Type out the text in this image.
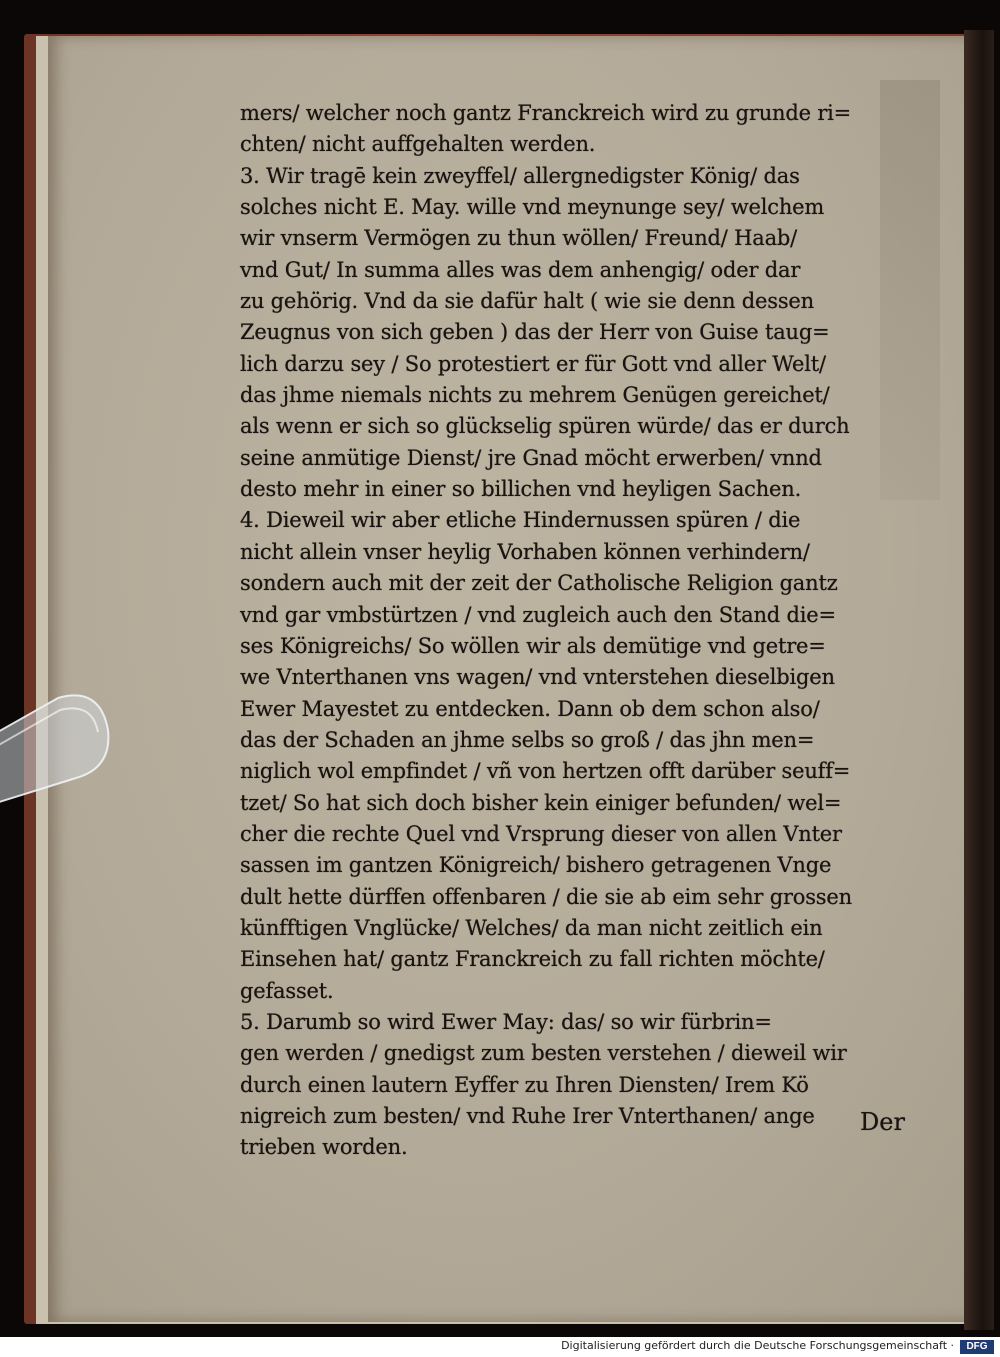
mers/ welcher noch gantz Franckreich wird zu grunde ri=
chten/ nicht auffgehalten werden.
3. Wir tragē kein zweyffel/ allergnedigster König/ das
solches nicht E. May. wille vnd meynunge sey/ welchem
wir vnserm Vermögen zu thun wöllen/ Freund/ Haab/
vnd Gut/ In summa alles was dem anhengig/ oder dar
zu gehörig. Vnd da sie dafür halt ( wie sie denn dessen
Zeugnus von sich geben ) das der Herr von Guise taug=
lich darzu sey / So protestiert er für Gott vnd aller Welt/
das jhme niemals nichts zu mehrem Genügen gereichet/
als wenn er sich so glückselig spüren würde/ das er durch
seine anmütige Dienst/ jre Gnad möcht erwerben/ vnnd
desto mehr in einer so billichen vnd heyligen Sachen.
4. Dieweil wir aber etliche Hindernussen spüren / die
nicht allein vnser heylig Vorhaben können verhindern/
sondern auch mit der zeit der Catholische Religion gantz
vnd gar vmbstürtzen / vnd zugleich auch den Stand die=
ses Königreichs/ So wöllen wir als demütige vnd getre=
we Vnterthanen vns wagen/ vnd vnterstehen dieselbigen
Ewer Mayestet zu entdecken. Dann ob dem schon also/
das der Schaden an jhme selbs so groß / das jhn men=
niglich wol empfindet / vñ von hertzen offt darüber seuff=
tzet/ So hat sich doch bisher kein einiger befunden/ wel=
cher die rechte Quel vnd Vrsprung dieser von allen Vnter
sassen im gantzen Königreich/ bishero getragenen Vnge
dult hette dürffen offenbaren / die sie ab eim sehr grossen
künfftigen Vnglücke/ Welches/ da man nicht zeitlich ein
Einsehen hat/ gantz Franckreich zu fall richten möchte/
gefasset.
5. Darumb so wird Ewer May: das/ so wir fürbrin=
gen werden / gnedigst zum besten verstehen / dieweil wir
durch einen lautern Eyffer zu Ihren Diensten/ Irem Kö
nigreich zum besten/ vnd Ruhe Irer Vnterthanen/ ange
trieben worden.
Der
Digitalisierung gefördert durch die Deutsche Forschungsgemeinschaft ·	DFG
